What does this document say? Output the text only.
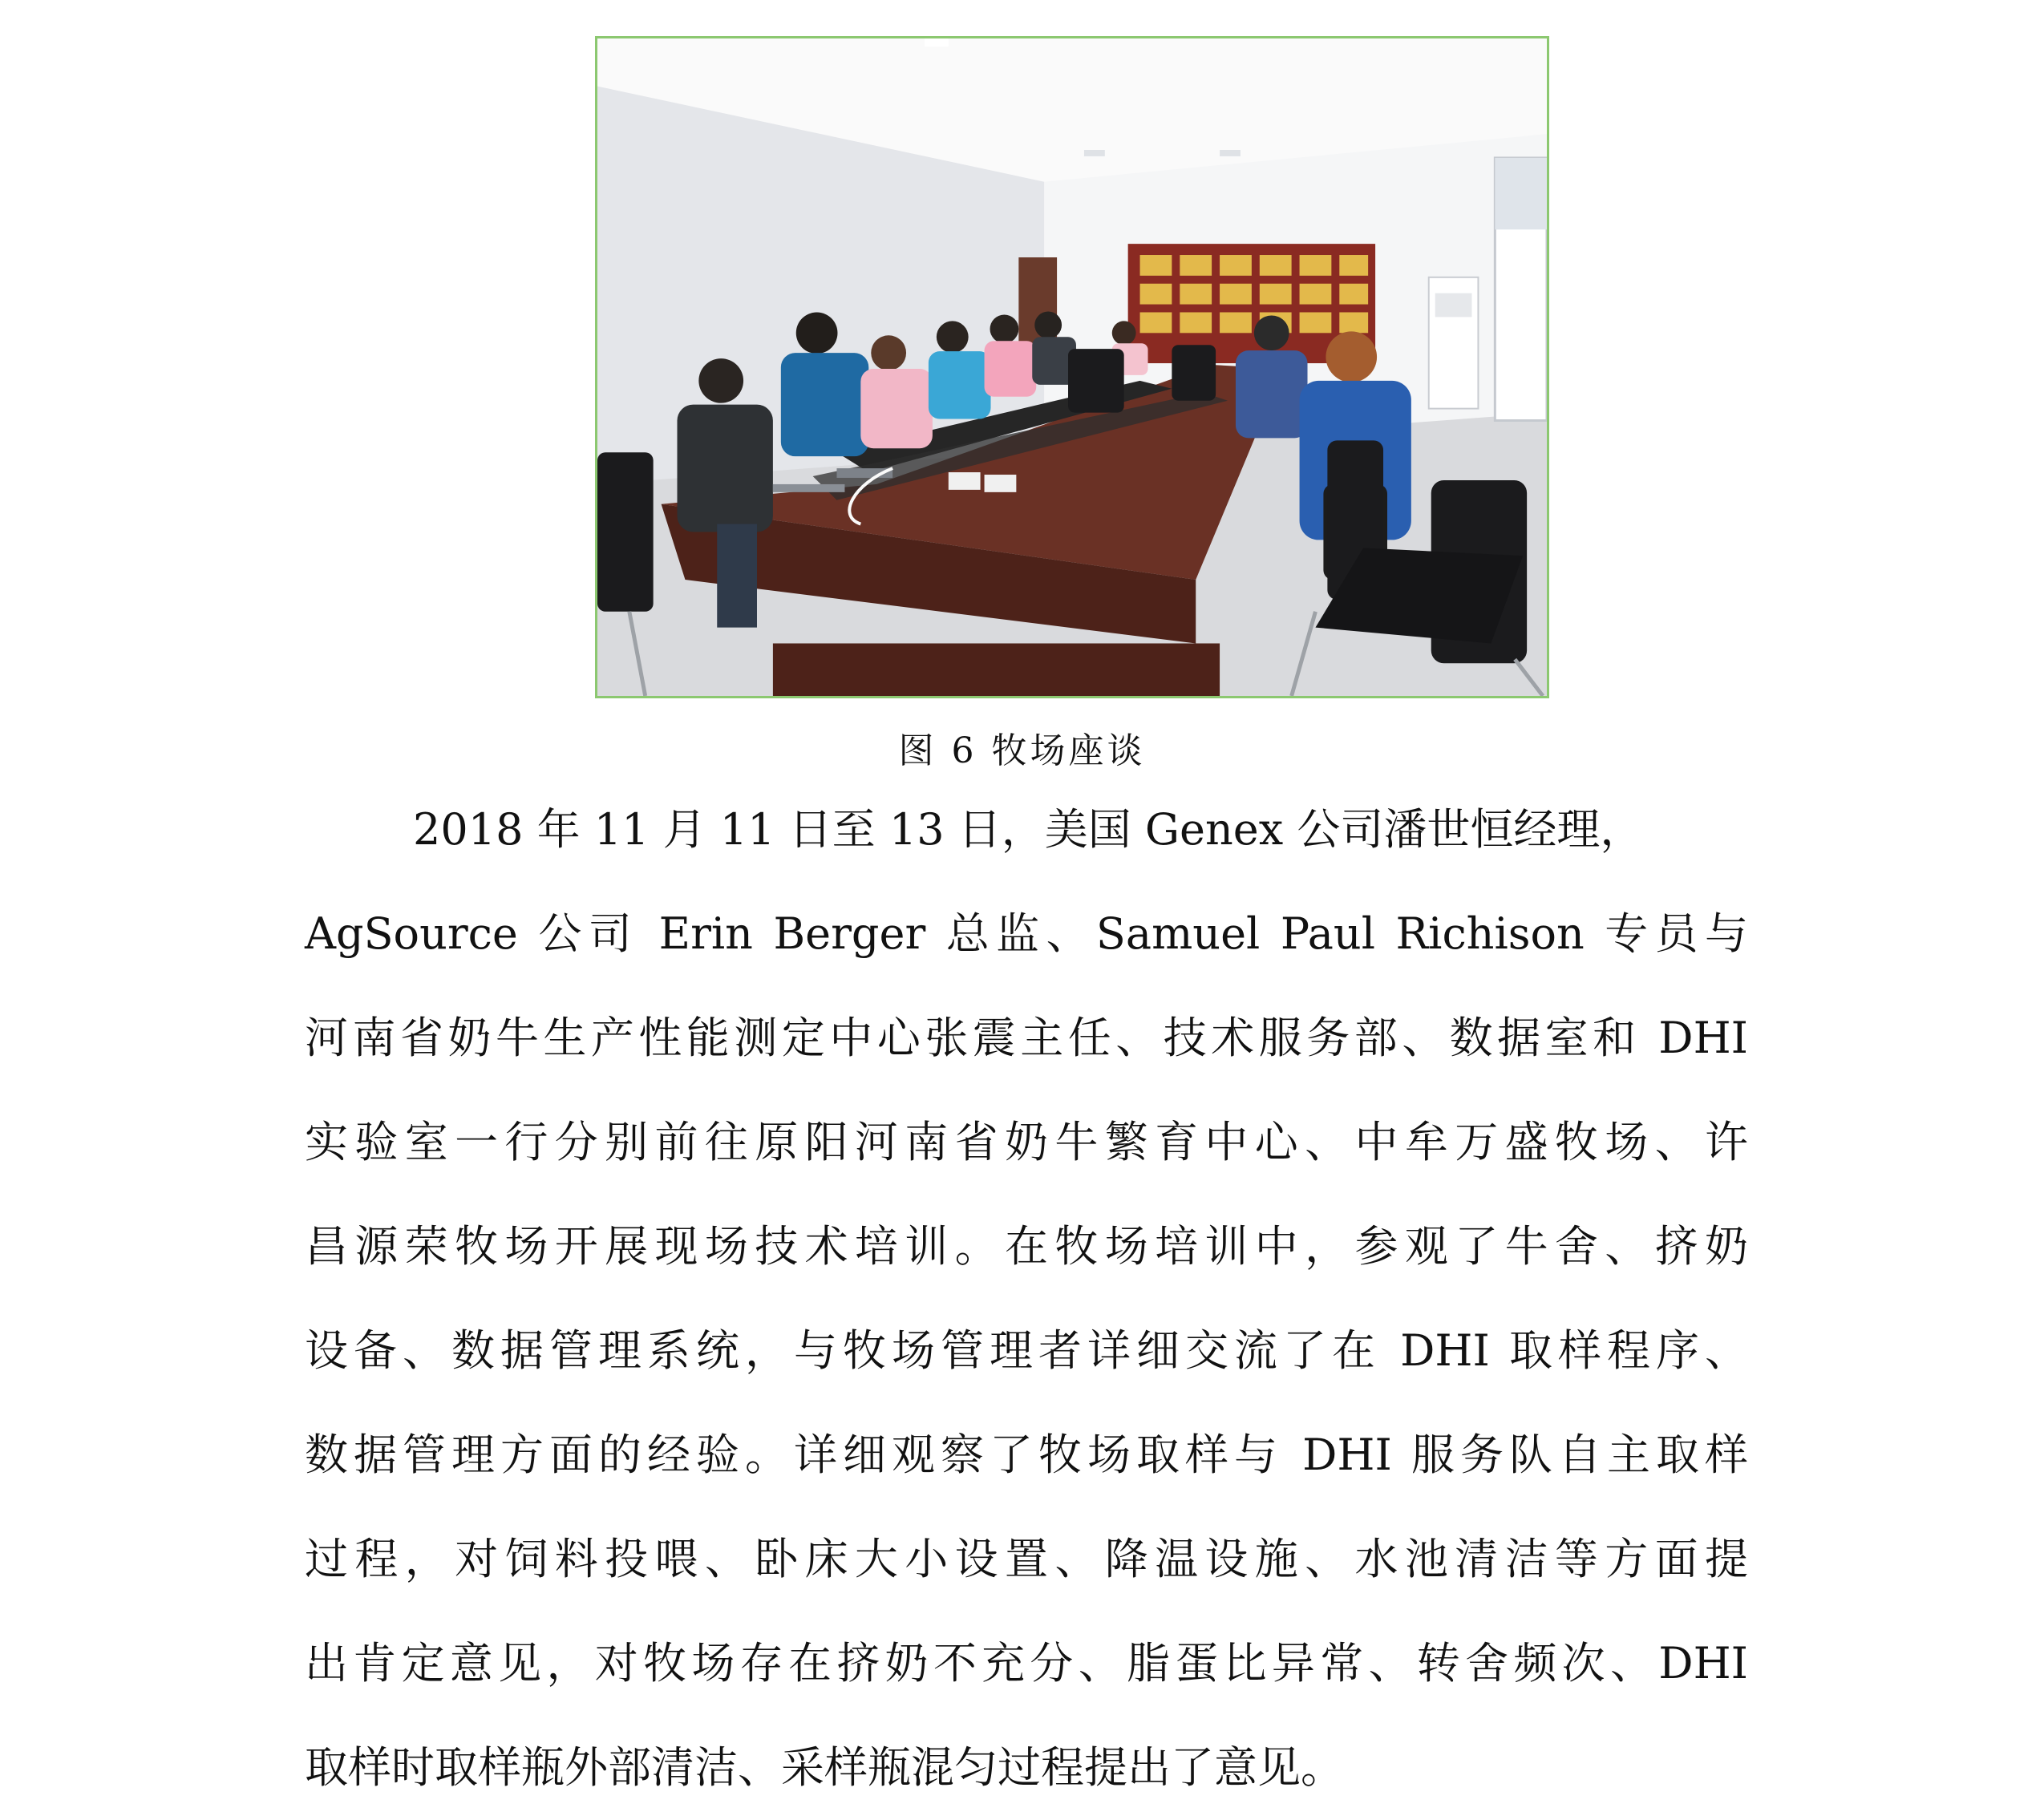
图 6 牧场座谈
2018 年 11 月 11 日至 13 日，美国 Genex 公司潘世恒经理，
AgSource 公司 Erin Berger 总监、Samuel Paul Richison 专员与
河南省奶牛生产性能测定中心张震主任、技术服务部、数据室和 DHI
实验室一行分别前往原阳河南省奶牛繁育中心、中牟万盛牧场、许
昌源荣牧场开展现场技术培训。在牧场培训中，参观了牛舍、挤奶
设备、数据管理系统，与牧场管理者详细交流了在 DHI 取样程序、
数据管理方面的经验。详细观察了牧场取样与 DHI 服务队自主取样
过程，对饲料投喂、卧床大小设置、降温设施、水池清洁等方面提
出肯定意见，对牧场存在挤奶不充分、脂蛋比异常、转舍频次、DHI
取样时取样瓶外部清洁、采样瓶混匀过程提出了意见。
